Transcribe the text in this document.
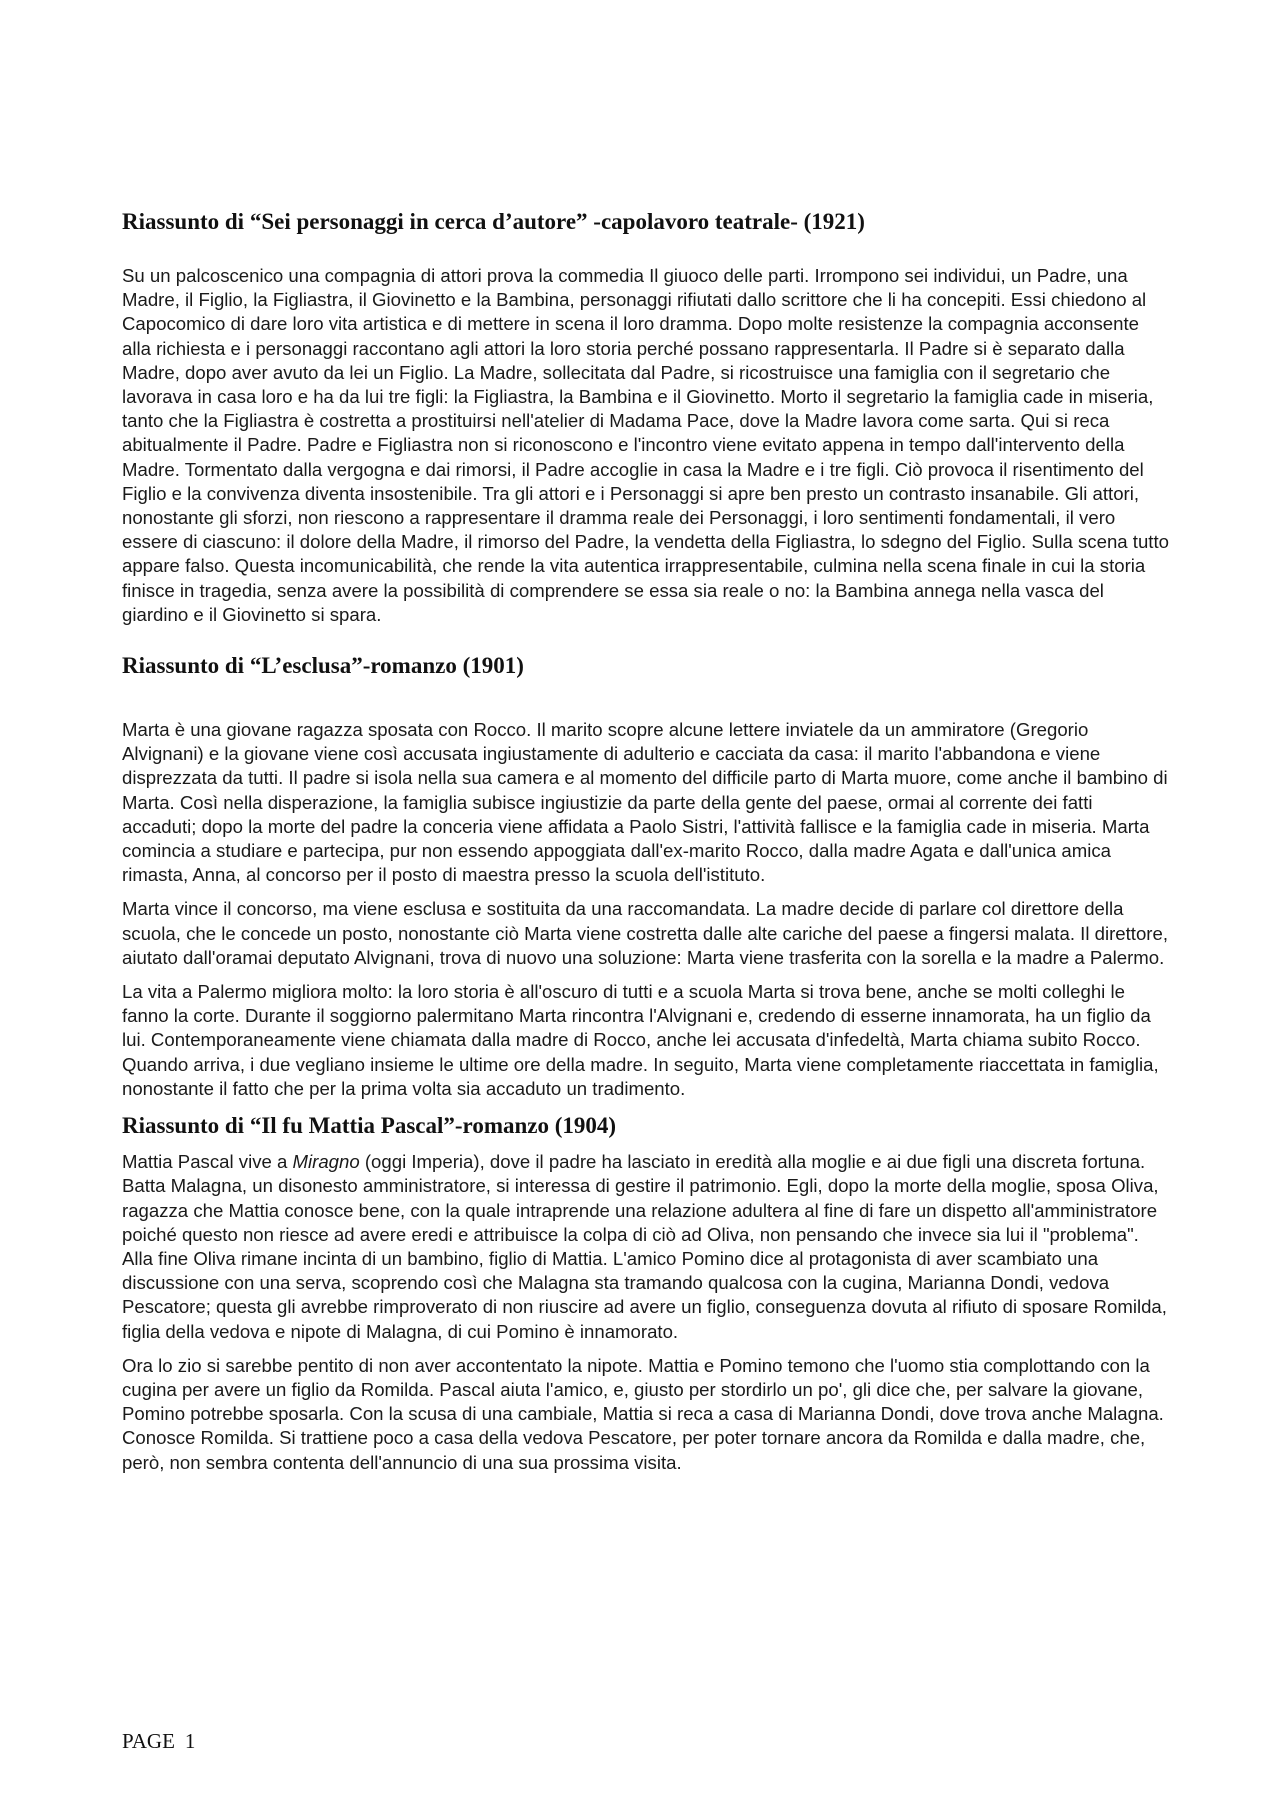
Riassunto di “Sei personaggi in cerca d’autore” -capolavoro teatrale- (1921)

Su un palcoscenico una compagnia di attori prova la commedia Il giuoco delle parti. Irrompono sei individui, un Padre, una Madre, il Figlio, la Figliastra, il Giovinetto e la Bambina, personaggi rifiutati dallo scrittore che li ha concepiti. Essi chiedono al Capocomico di dare loro vita artistica e di mettere in scena il loro dramma. Dopo molte resistenze la compagnia acconsente alla richiesta e i personaggi raccontano agli attori la loro storia perché possano rappresentarla. Il Padre si è separato dalla Madre, dopo aver avuto da lei un Figlio. La Madre, sollecitata dal Padre, si ricostruisce una famiglia con il segretario che lavorava in casa loro e ha da lui tre figli: la Figliastra, la Bambina e il Giovinetto. Morto il segretario la famiglia cade in miseria, tanto che la Figliastra è costretta a prostituirsi nell'atelier di Madama Pace, dove la Madre lavora come sarta. Qui si reca abitualmente il Padre. Padre e Figliastra non si riconoscono e l'incontro viene evitato appena in tempo dall'intervento della Madre. Tormentato dalla vergogna e dai rimorsi, il Padre accoglie in casa la Madre e i tre figli. Ciò provoca il risentimento del Figlio e la convivenza diventa insostenibile. Tra gli attori e i Personaggi si apre ben presto un contrasto insanabile. Gli attori, nonostante gli sforzi, non riescono a rappresentare il dramma reale dei Personaggi, i loro sentimenti fondamentali, il vero essere di ciascuno: il dolore della Madre, il rimorso del Padre, la vendetta della Figliastra, lo sdegno del Figlio. Sulla scena tutto appare falso. Questa incomunicabilità, che rende la vita autentica irrappresentabile, culmina nella scena finale in cui la storia finisce in tragedia, senza avere la possibilità di comprendere se essa sia reale o no: la Bambina annega nella vasca del giardino e il Giovinetto si spara.

Riassunto di “L’esclusa”-romanzo (1901)

Marta è una giovane ragazza sposata con Rocco. Il marito scopre alcune lettere inviatele da un ammiratore (Gregorio Alvignani) e la giovane viene così accusata ingiustamente di adulterio e cacciata da casa: il marito l'abbandona e viene disprezzata da tutti. Il padre si isola nella sua camera e al momento del difficile parto di Marta muore, come anche il bambino di Marta. Così nella disperazione, la famiglia subisce ingiustizie da parte della gente del paese, ormai al corrente dei fatti accaduti; dopo la morte del padre la conceria viene affidata a Paolo Sistri, l'attività fallisce e la famiglia cade in miseria. Marta comincia a studiare e partecipa, pur non essendo appoggiata dall'ex-marito Rocco, dalla madre Agata e dall'unica amica rimasta, Anna, al concorso per il posto di maestra presso la scuola dell'istituto.

Marta vince il concorso, ma viene esclusa e sostituita da una raccomandata. La madre decide di parlare col direttore della scuola, che le concede un posto, nonostante ciò Marta viene costretta dalle alte cariche del paese a fingersi malata. Il direttore, aiutato dall'oramai deputato Alvignani, trova di nuovo una soluzione: Marta viene trasferita con la sorella e la madre a Palermo.

La vita a Palermo migliora molto: la loro storia è all'oscuro di tutti e a scuola Marta si trova bene, anche se molti colleghi le fanno la corte. Durante il soggiorno palermitano Marta rincontra l'Alvignani e, credendo di esserne innamorata, ha un figlio da lui. Contemporaneamente viene chiamata dalla madre di Rocco, anche lei accusata d'infedeltà, Marta chiama subito Rocco. Quando arriva, i due vegliano insieme le ultime ore della madre. In seguito, Marta viene completamente riaccettata in famiglia, nonostante il fatto che per la prima volta sia accaduto un tradimento.

Riassunto di “Il fu Mattia Pascal”-romanzo (1904)

Mattia Pascal vive a Miragno (oggi Imperia), dove il padre ha lasciato in eredità alla moglie e ai due figli una discreta fortuna. Batta Malagna, un disonesto amministratore, si interessa di gestire il patrimonio. Egli, dopo la morte della moglie, sposa Oliva, ragazza che Mattia conosce bene, con la quale intraprende una relazione adultera al fine di fare un dispetto all'amministratore poiché questo non riesce ad avere eredi e attribuisce la colpa di ciò ad Oliva, non pensando che invece sia lui il "problema". Alla fine Oliva rimane incinta di un bambino, figlio di Mattia. L'amico Pomino dice al protagonista di aver scambiato una discussione con una serva, scoprendo così che Malagna sta tramando qualcosa con la cugina, Marianna Dondi, vedova Pescatore; questa gli avrebbe rimproverato di non riuscire ad avere un figlio, conseguenza dovuta al rifiuto di sposare Romilda, figlia della vedova e nipote di Malagna, di cui Pomino è innamorato.

Ora lo zio si sarebbe pentito di non aver accontentato la nipote. Mattia e Pomino temono che l'uomo stia complottando con la cugina per avere un figlio da Romilda. Pascal aiuta l'amico, e, giusto per stordirlo un po', gli dice che, per salvare la giovane, Pomino potrebbe sposarla. Con la scusa di una cambiale, Mattia si reca a casa di Marianna Dondi, dove trova anche Malagna. Conosce Romilda. Si trattiene poco a casa della vedova Pescatore, per poter tornare ancora da Romilda e dalla madre, che, però, non sembra contenta dell'annuncio di una sua prossima visita.

PAGE 1
